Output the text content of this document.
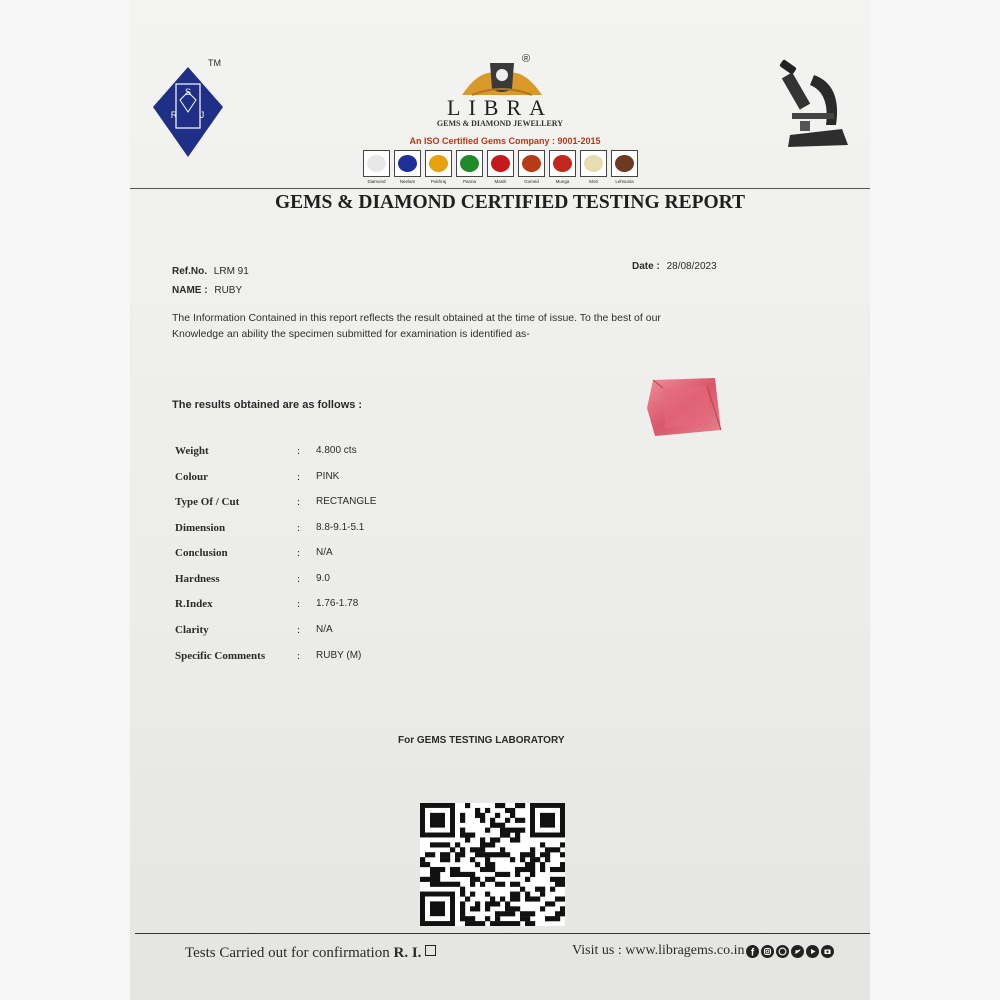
S
R	J
TM	®
LIBRA
GEMS & DIAMOND JEWELLERY
An ISO Certified Gems Company : 9001-2015
Diamond	Neelam	Pukhraj	Panna	Manik	Gomed	Munga	Moti	Lehsunia
GEMS & DIAMOND CERTIFIED TESTING REPORT
Ref.No. LRM 91
NAME : RUBY
Date : 28/08/2023
The Information Contained in this report reflects the result obtained at the time of issue. To the best of our
Knowledge an ability the specimen submitted for examination is identified as-
The results obtained are as follows :
Weight	: 4.800 cts
Colour	: PINK
Type Of / Cut	: RECTANGLE
Dimension	: 8.8-9.1-5.1
Conclusion	: N/A
Hardness	: 9.0
R.Index	: 1.76-1.78
Clarity	: N/A
Specific Comments	: RUBY (M)
For GEMS TESTING LABORATORY
Tests Carried out for confirmation R. I.	Visit us : www.libragems.co.in f
